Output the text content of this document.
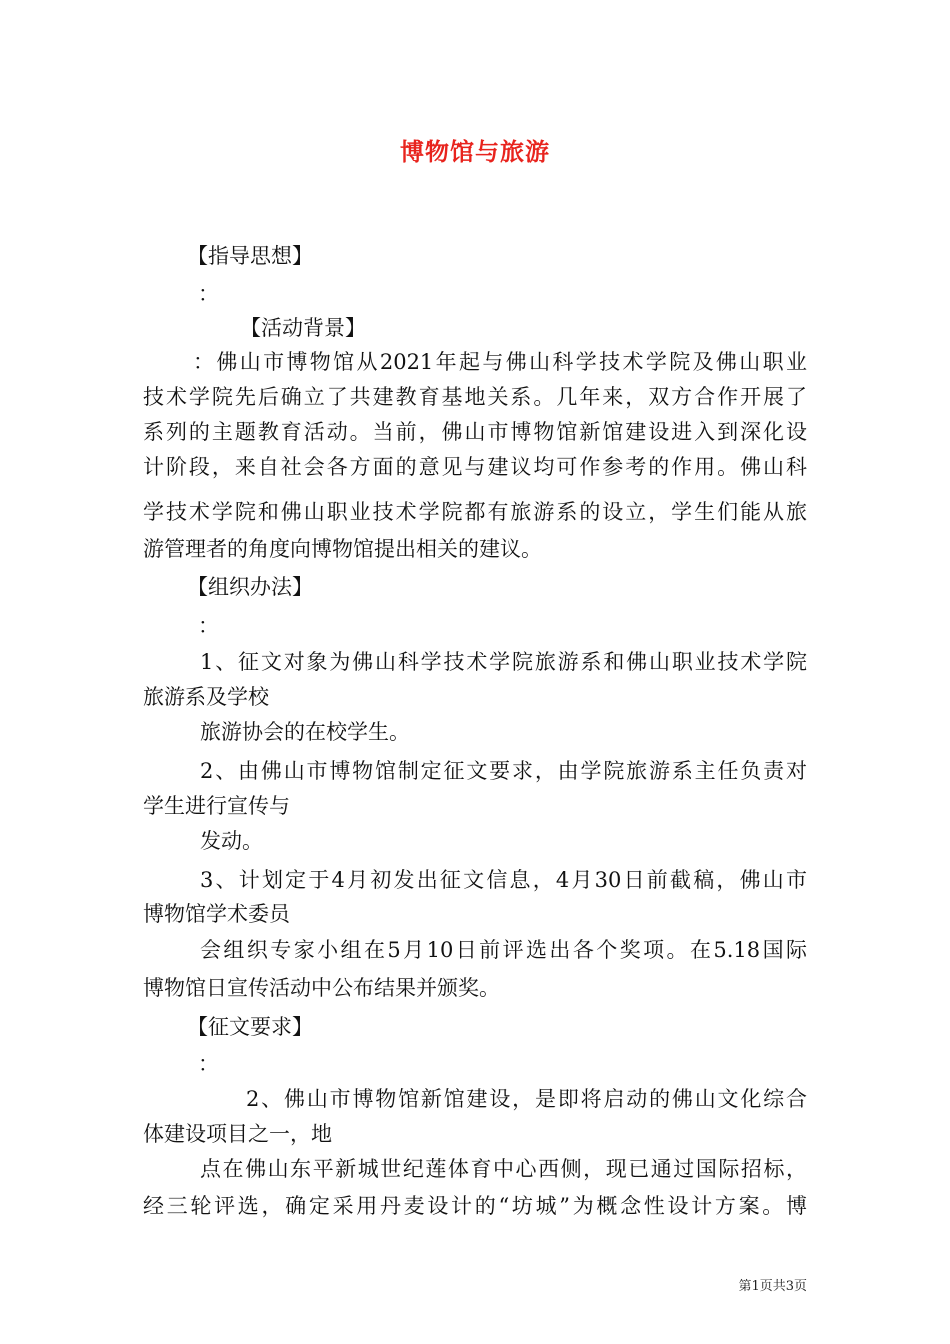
博物馆与旅游
【指导思想】
：
【活动背景】
：佛山市博物馆从2021年起与佛山科学技术学院及佛山职业
技术学院先后确立了共建教育基地关系。几年来，双方合作开展了
系列的主题教育活动。当前，佛山市博物馆新馆建设进入到深化设
计阶段，来自社会各方面的意见与建议均可作参考的作用。佛山科
学技术学院和佛山职业技术学院都有旅游系的设立，学生们能从旅
游管理者的角度向博物馆提出相关的建议。
【组织办法】
：
1、征文对象为佛山科学技术学院旅游系和佛山职业技术学院
旅游系及学校
旅游协会的在校学生。
2、由佛山市博物馆制定征文要求，由学院旅游系主任负责对
学生进行宣传与
发动。
3、计划定于4月初发出征文信息，4月30日前截稿，佛山市
博物馆学术委员
会组织专家小组在5月10日前评选出各个奖项。在5.18国际
博物馆日宣传活动中公布结果并颁奖。
【征文要求】
：
2、佛山市博物馆新馆建设，是即将启动的佛山文化综合
体建设项目之一，地
点在佛山东平新城世纪莲体育中心西侧，现已通过国际招标，
经三轮评选，确定采用丹麦设计的“坊城”为概念性设计方案。博
第1页共3页
